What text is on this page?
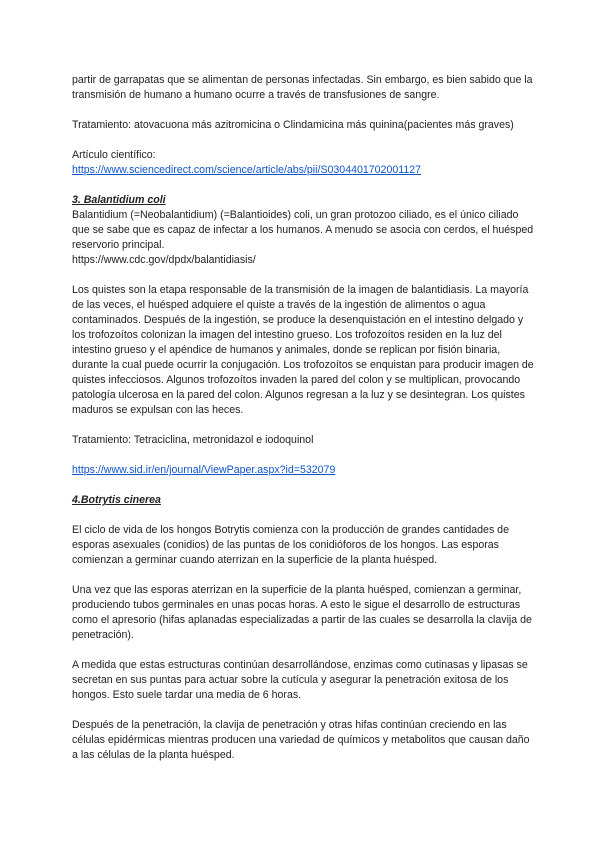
partir de garrapatas que se alimentan de personas infectadas. Sin embargo, es bien sabido que la transmisión de humano a humano ocurre a través de transfusiones de sangre.

Tratamiento: atovacuona más azitromicina o Clindamicina más quinina(pacientes más graves)

Artículo científico:

https://www.sciencedirect.com/science/article/abs/pii/S0304401702001127

3. Balantidium coli

Balantidium (=Neobalantidium) (=Balantioides) coli, un gran protozoo ciliado, es el único ciliado que se sabe que es capaz de infectar a los humanos. A menudo se asocia con cerdos, el huésped reservorio principal.

https://www.cdc.gov/dpdx/balantidiasis/

Los quistes son la etapa responsable de la transmisión de la imagen de balantidiasis. La mayoría de las veces, el huésped adquiere el quiste a través de la ingestión de alimentos o agua contaminados. Después de la ingestión, se produce la desenquistación en el intestino delgado y los trofozoítos colonizan la imagen del intestino grueso. Los trofozoítos residen en la luz del intestino grueso y el apéndice de humanos y animales, donde se replican por fisión binaria, durante la cual puede ocurrir la conjugación. Los trofozoítos se enquistan para producir imagen de quistes infecciosos. Algunos trofozoítos invaden la pared del colon y se multiplican, provocando patología ulcerosa en la pared del colon. Algunos regresan a la luz y se desintegran. Los quistes maduros se expulsan con las heces.

Tratamiento: Tetraciclina, metronidazol e iodoquinol

https://www.sid.ir/en/journal/ViewPaper.aspx?id=532079

4.Botrytis cinerea

El ciclo de vida de los hongos Botrytis comienza con la producción de grandes cantidades de esporas asexuales (conidios) de las puntas de los conidióforos de los hongos. Las esporas comienzan a germinar cuando aterrizan en la superficie de la planta huésped.

Una vez que las esporas aterrizan en la superficie de la planta huésped, comienzan a germinar, produciendo tubos germinales en unas pocas horas. A esto le sigue el desarrollo de estructuras como el apresorio (hifas aplanadas especializadas a partir de las cuales se desarrolla la clavija de penetración).

A medida que estas estructuras continúan desarrollándose, enzimas como cutinasas y lipasas se secretan en sus puntas para actuar sobre la cutícula y asegurar la penetración exitosa de los hongos. Esto suele tardar una media de 6 horas.

Después de la penetración, la clavija de penetración y otras hifas continúan creciendo en las células epidérmicas mientras producen una variedad de químicos y metabolitos que causan daño a las células de la planta huésped.
